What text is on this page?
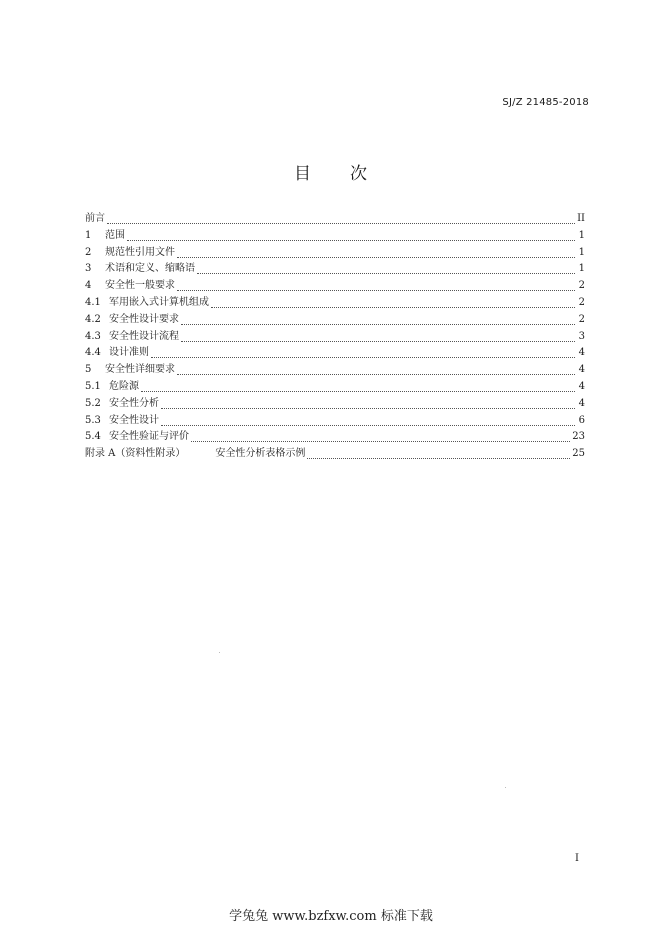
SJ/Z 21485-2018
目 次
前言	II
1	范围	1
2	规范性引用文件	1
3	术语和定义、缩略语	1
4	安全性一般要求	2
4.1 军用嵌入式计算机组成	2
4.2 安全性设计要求	2
4.3 安全性设计流程	3
4.4 设计准则	4
5	安全性详细要求	4
5.1 危险源	4
5.2 安全性分析	4
5.3 安全性设计	6
5.4 安全性验证与评价	23
附录 A（资料性附录）	安全性分析表格示例	25
I
学兔兔 www.bzfxw.com 标准下载
